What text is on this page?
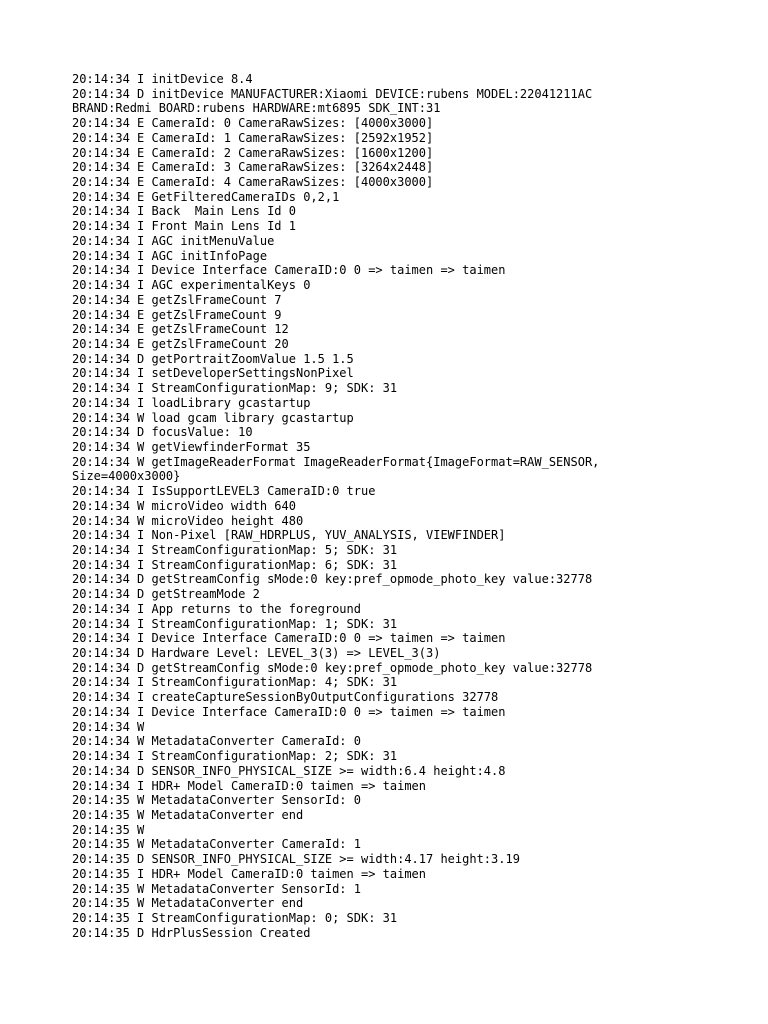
20:14:34 I initDevice 8.4
20:14:34 D initDevice MANUFACTURER:Xiaomi DEVICE:rubens MODEL:22041211AC
BRAND:Redmi BOARD:rubens HARDWARE:mt6895 SDK_INT:31
20:14:34 E CameraId: 0 CameraRawSizes: [4000x3000]
20:14:34 E CameraId: 1 CameraRawSizes: [2592x1952]
20:14:34 E CameraId: 2 CameraRawSizes: [1600x1200]
20:14:34 E CameraId: 3 CameraRawSizes: [3264x2448]
20:14:34 E CameraId: 4 CameraRawSizes: [4000x3000]
20:14:34 E GetFilteredCameraIDs 0,2,1
20:14:34 I Back  Main Lens Id 0
20:14:34 I Front Main Lens Id 1
20:14:34 I AGC initMenuValue
20:14:34 I AGC initInfoPage
20:14:34 I Device Interface CameraID:0 0 => taimen => taimen
20:14:34 I AGC experimentalKeys 0
20:14:34 E getZslFrameCount 7
20:14:34 E getZslFrameCount 9
20:14:34 E getZslFrameCount 12
20:14:34 E getZslFrameCount 20
20:14:34 D getPortraitZoomValue 1.5 1.5
20:14:34 I setDeveloperSettingsNonPixel
20:14:34 I StreamConfigurationMap: 9; SDK: 31
20:14:34 I loadLibrary gcastartup
20:14:34 W load gcam library gcastartup
20:14:34 D focusValue: 10
20:14:34 W getViewfinderFormat 35
20:14:34 W getImageReaderFormat ImageReaderFormat{ImageFormat=RAW_SENSOR,
Size=4000x3000}
20:14:34 I IsSupportLEVEL3 CameraID:0 true
20:14:34 W microVideo width 640
20:14:34 W microVideo height 480
20:14:34 I Non-Pixel [RAW_HDRPLUS, YUV_ANALYSIS, VIEWFINDER]
20:14:34 I StreamConfigurationMap: 5; SDK: 31
20:14:34 I StreamConfigurationMap: 6; SDK: 31
20:14:34 D getStreamConfig sMode:0 key:pref_opmode_photo_key value:32778
20:14:34 D getStreamMode 2
20:14:34 I App returns to the foreground
20:14:34 I StreamConfigurationMap: 1; SDK: 31
20:14:34 I Device Interface CameraID:0 0 => taimen => taimen
20:14:34 D Hardware Level: LEVEL_3(3) => LEVEL_3(3)
20:14:34 D getStreamConfig sMode:0 key:pref_opmode_photo_key value:32778
20:14:34 I StreamConfigurationMap: 4; SDK: 31
20:14:34 I createCaptureSessionByOutputConfigurations 32778
20:14:34 I Device Interface CameraID:0 0 => taimen => taimen
20:14:34 W
20:14:34 W MetadataConverter CameraId: 0
20:14:34 I StreamConfigurationMap: 2; SDK: 31
20:14:34 D SENSOR_INFO_PHYSICAL_SIZE >= width:6.4 height:4.8
20:14:34 I HDR+ Model CameraID:0 taimen => taimen
20:14:35 W MetadataConverter SensorId: 0
20:14:35 W MetadataConverter end
20:14:35 W
20:14:35 W MetadataConverter CameraId: 1
20:14:35 D SENSOR_INFO_PHYSICAL_SIZE >= width:4.17 height:3.19
20:14:35 I HDR+ Model CameraID:0 taimen => taimen
20:14:35 W MetadataConverter SensorId: 1
20:14:35 W MetadataConverter end
20:14:35 I StreamConfigurationMap: 0; SDK: 31
20:14:35 D HdrPlusSession Created
